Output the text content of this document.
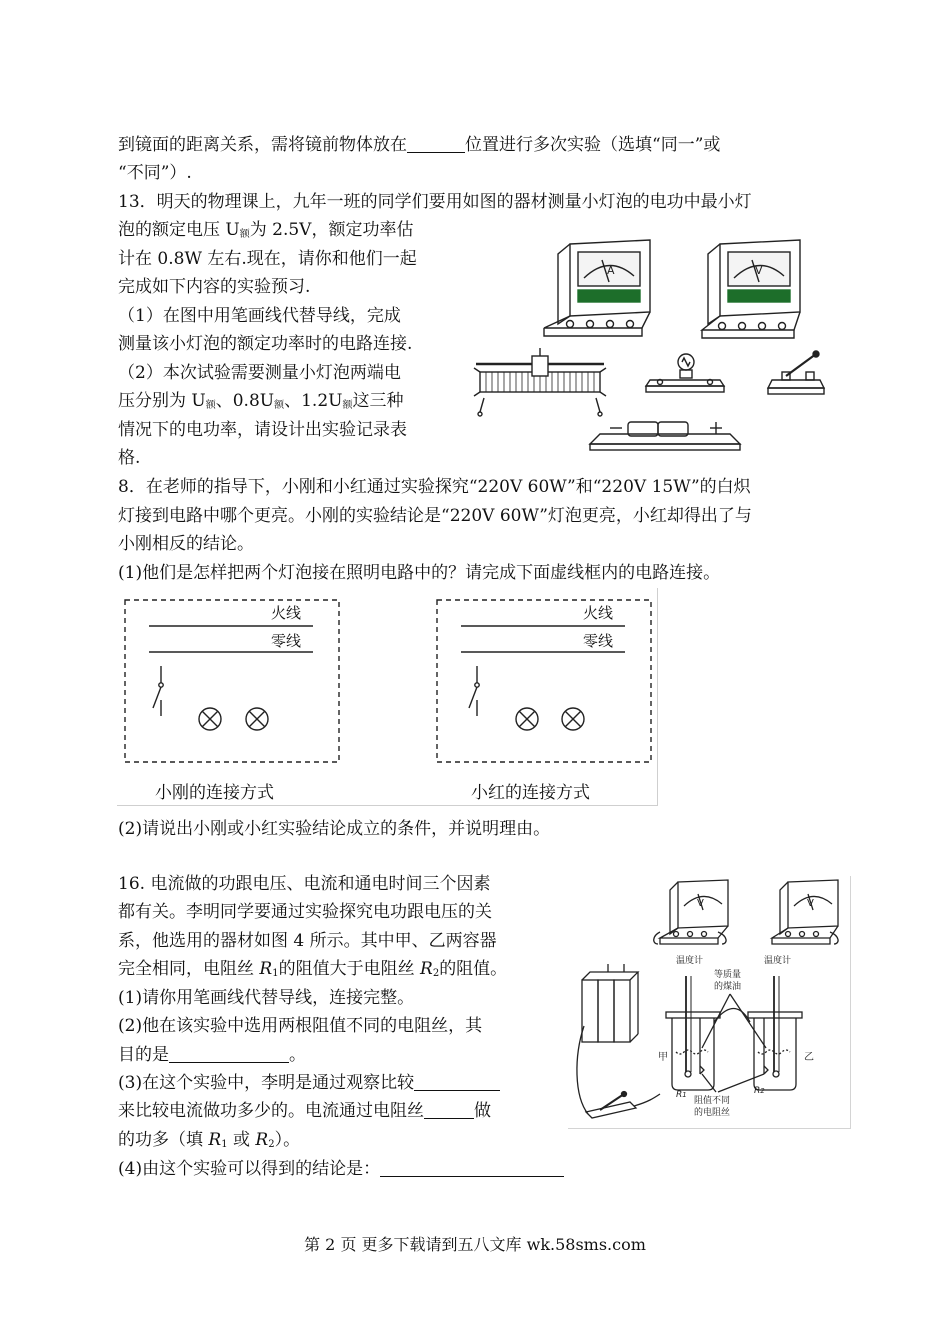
到镜面的距离关系，需将镜前物体放在	位置进行多次实验（选填“同一”或
“不同”）.
13．明天的物理课上，九年一班的同学们要用如图的器材测量小灯泡的电功中最小灯
泡的额定电压 $U_额$为 2.5V，额定功率估
计在 0.8W 左右.现在，请你和他们一起
完成如下内容的实验预习.
（1）在图中用笔画线代替导线，完成
测量该小灯泡的额定功率时的电路连接.
（2）本次试验需要测量小灯泡两端电
压分别为 $U_额$、$0.8U_额$、$1.2U_额$这三种
情况下的电功率，请设计出实验记录表
格.
A	V
8．在老师的指导下，小刚和小红通过实验探究“220V 60W”和“220V 15W”的白炽
灯接到电路中哪个更亮。小刚的实验结论是“220V 60W”灯泡更亮，小红却得出了与
小刚相反的结论。
(1)他们是怎样把两个灯泡接在照明电路中的？请完成下面虚线框内的电路连接。
火线
零线
火线
零线
小刚的连接方式	小红的连接方式
(2)请说出小刚或小红实验结论成立的条件，并说明理由。
16. 电流做的功跟电压、电流和通电时间三个因素
都有关。李明同学要通过实验探究电功跟电压的关
系，他选用的器材如图 4 所示。其中甲、乙两容器
完全相同，电阻丝 $R_1$的阻值大于电阻丝 $R_2$的阻值。
(1)请你用笔画线代替导线，连接完整。
(2)他在该实验中选用两根阻值不同的电阻丝，其
目的是	。
(3)在这个实验中，李明是通过观察比较
来比较电流做功多少的。电流通过电阻丝	做
的功多（填 $R_1$ 或 $R_2$）。
(4)由这个实验可以得到的结论是：
V	V
温度计	温度计
等质量
的煤油
甲	乙
R1	R2
阻值不同
的电阻丝
第 2 页 更多下载请到五八文库 wk.58sms.com
